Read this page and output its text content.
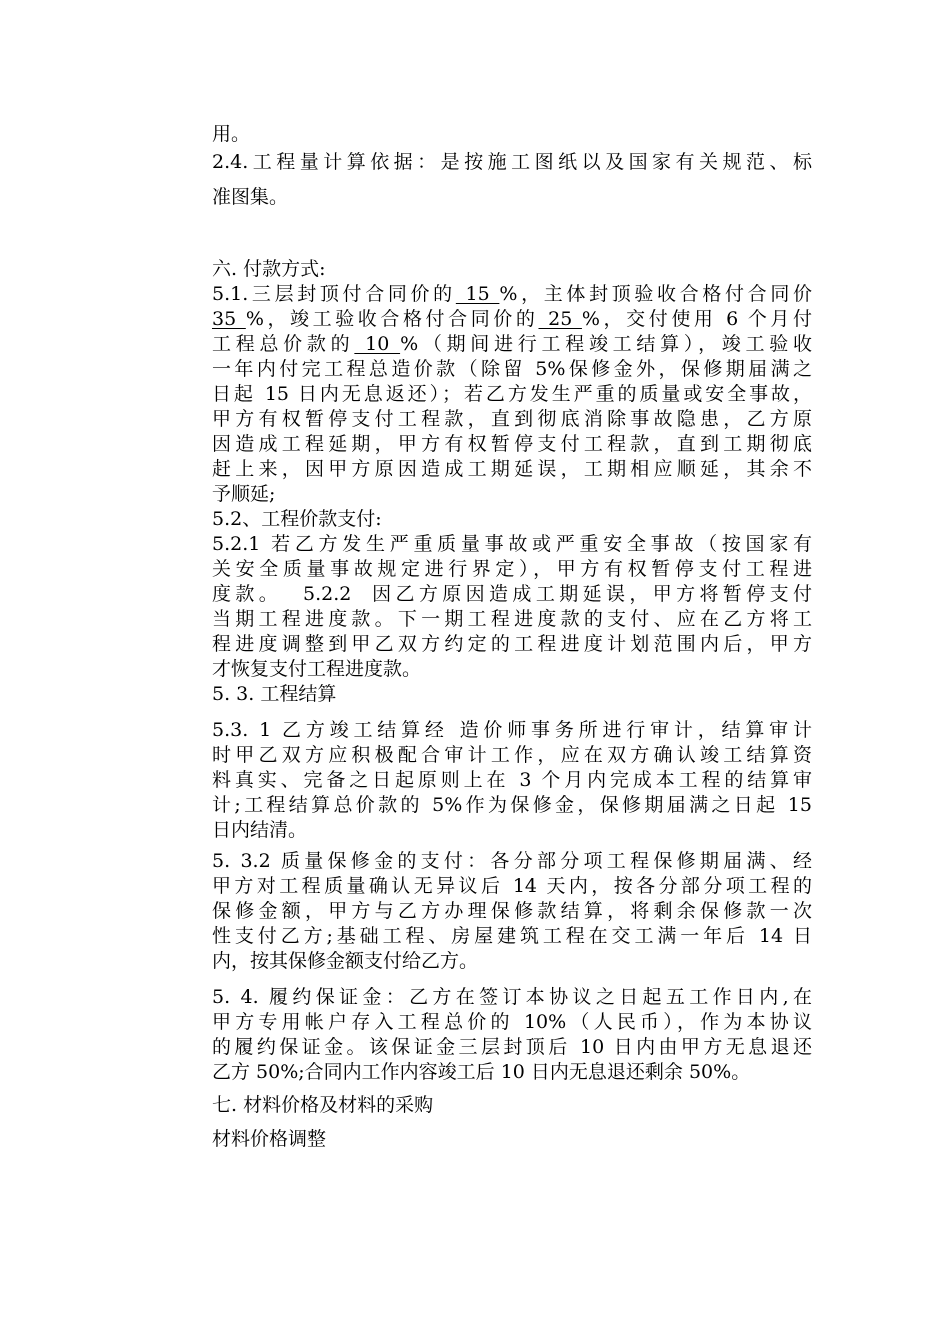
用。
2.4.工程量计算依据：是按施工图纸以及国家有关规范、标
准图集。
六. 付款方式:
5.1.三层封顶付合同价的 15 %，主体封顶验收合格付合同价
35 %，竣工验收合格付合同价的 25 %，交付使用 6 个月付
工程总价款的 10 %（期间进行工程竣工结算），竣工验收
一年内付完工程总造价款（除留 5%保修金外，保修期届满之
日起 15 日内无息返还）；若乙方发生严重的质量或安全事故，
甲方有权暂停支付工程款，直到彻底消除事故隐患，乙方原
因造成工程延期，甲方有权暂停支付工程款，直到工期彻底
赶上来，因甲方原因造成工期延误，工期相应顺延，其余不
予顺延;
5.2、工程价款支付:
5.2.1 若乙方发生严重质量事故或严重安全事故（按国家有
关安全质量事故规定进行界定），甲方有权暂停支付工程进
度款。  5.2.2  因乙方原因造成工期延误，甲方将暂停支付
当期工程进度款。下一期工程进度款的支付、应在乙方将工
程进度调整到甲乙双方约定的工程进度计划范围内后，甲方
才恢复支付工程进度款。
5. 3. 工程结算
5.3. 1 乙方竣工结算经 造价师事务所进行审计，结算审计
时甲乙双方应积极配合审计工作，应在双方确认竣工结算资
料真实、完备之日起原则上在 3 个月内完成本工程的结算审
计;工程结算总价款的 5%作为保修金，保修期届满之日起 15
日内结清。
5. 3.2 质量保修金的支付：各分部分项工程保修期届满、经
甲方对工程质量确认无异议后 14 天内，按各分部分项工程的
保修金额，甲方与乙方办理保修款结算，将剩余保修款一次
性支付乙方;基础工程、房屋建筑工程在交工满一年后 14 日
内，按其保修金额支付给乙方。
5. 4. 履约保证金：乙方在签订本协议之日起五工作日内,在
甲方专用帐户存入工程总价的 10%（人民币），作为本协议
的履约保证金。该保证金三层封顶后 10 日内由甲方无息退还
乙方 50%;合同内工作内容竣工后 10 日内无息退还剩余 50%。
七. 材料价格及材料的采购
材料价格调整
